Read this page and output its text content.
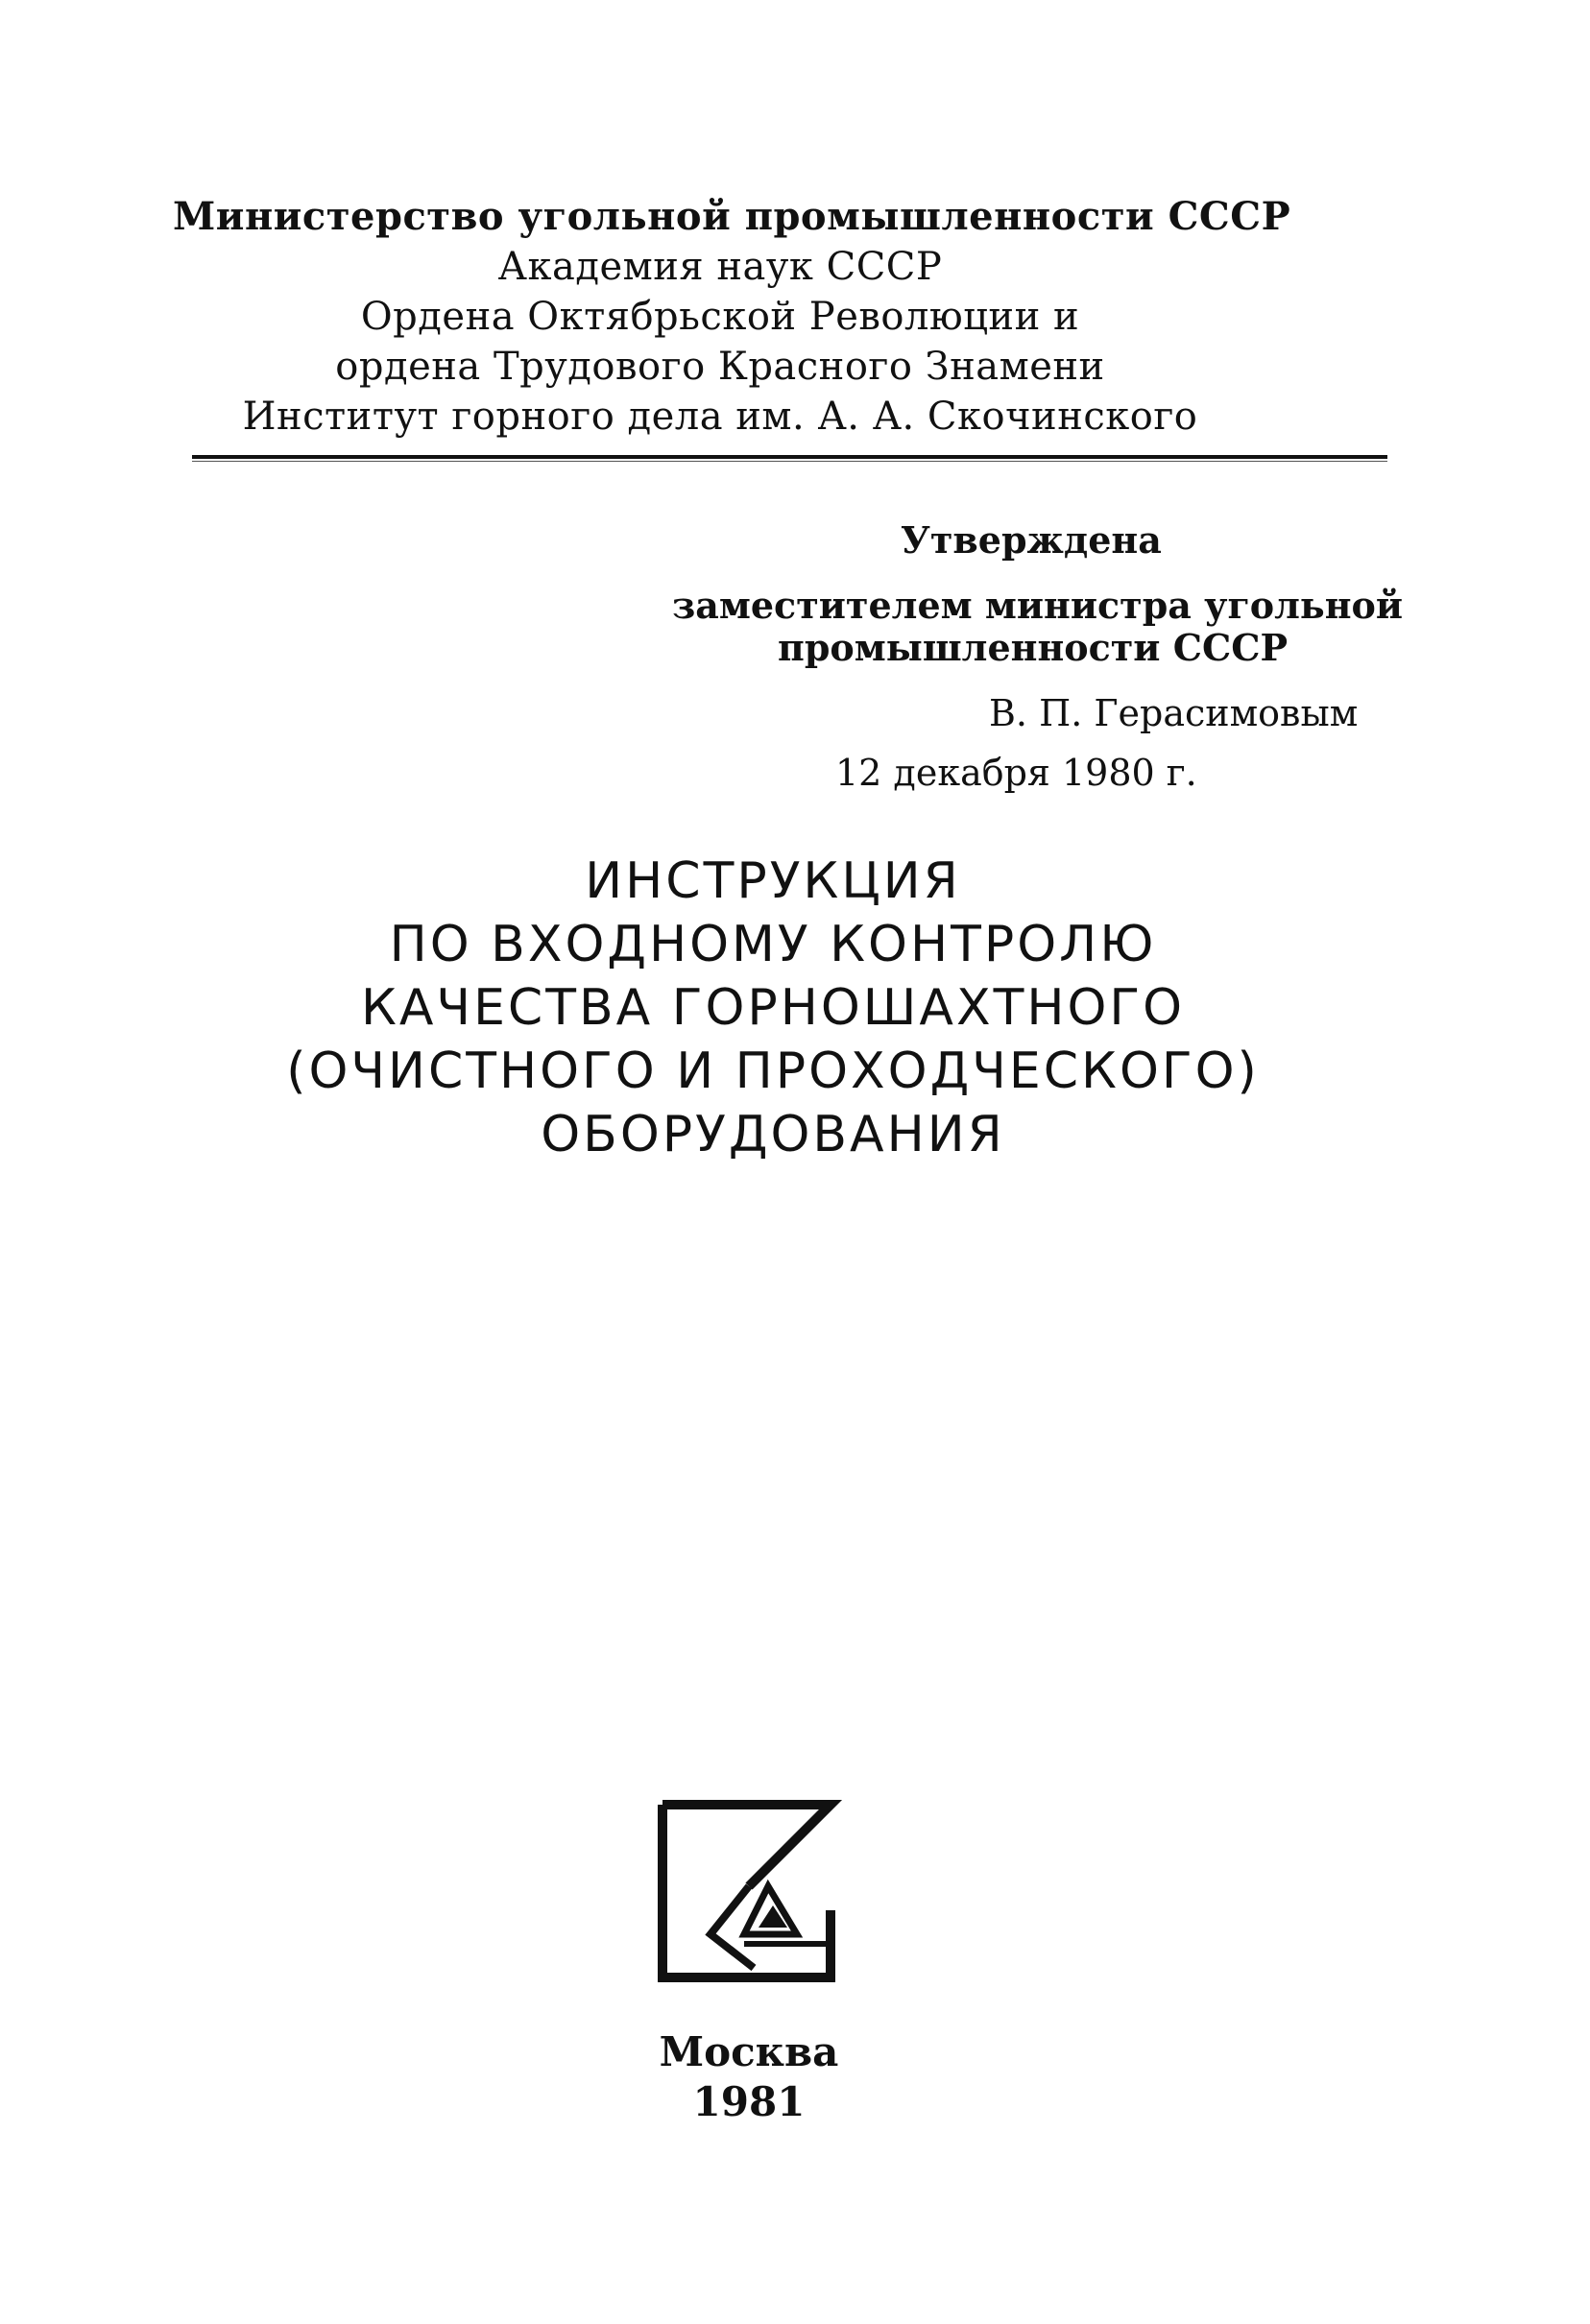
Министерство угольной промышленности СССР
Академия наук СССР
Ордена Октябрьской Революции и
ордена Трудового Красного Знамени
Институт горного дела им. А. А. Скочинского
Утверждена
заместителем министра угольной
промышленности СССР
В. П. Герасимовым
12 декабря 1980 г.
ИНСТРУКЦИЯ
ПО ВХОДНОМУ КОНТРОЛЮ
КАЧЕСТВА ГОРНОШАХТНОГО
(ОЧИСТНОГО И ПРОХОДЧЕСКОГО)
ОБОРУДОВАНИЯ
Москва
1981
